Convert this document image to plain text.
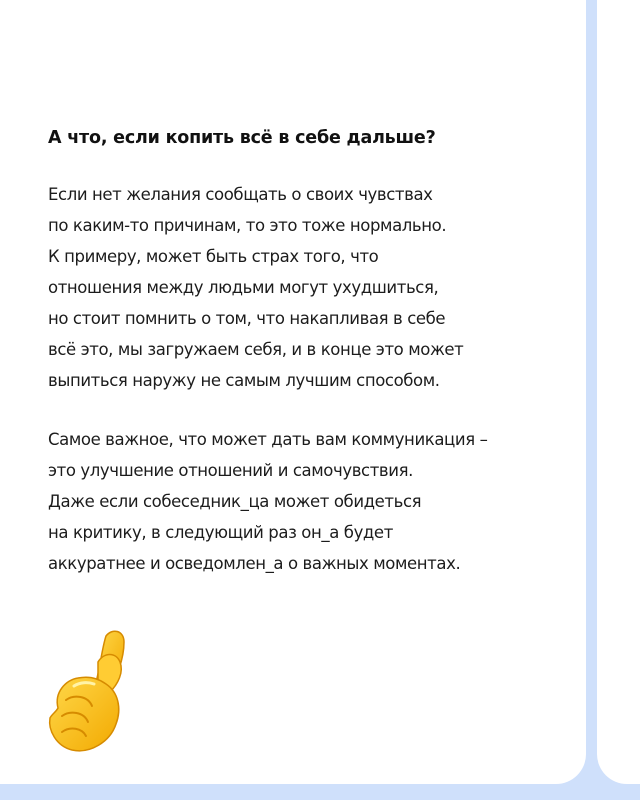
А что, если копить всё в себе дальше?

Если нет желания сообщать о своих чувствах
по каким-то причинам, то это тоже нормально.
К примеру, может быть страх того, что
отношения между людьми могут ухудшиться,
но стоит помнить о том, что накапливая в себе
всё это, мы загружаем себя, и в конце это может
выпиться наружу не самым лучшим способом.

Самое важное, что может дать вам коммуникация –
это улучшение отношений и самочувствия.
Даже если собеседник_ца может обидеться
на критику, в следующий раз он_а будет
аккуратнее и осведомлен_а о важных моментах.
